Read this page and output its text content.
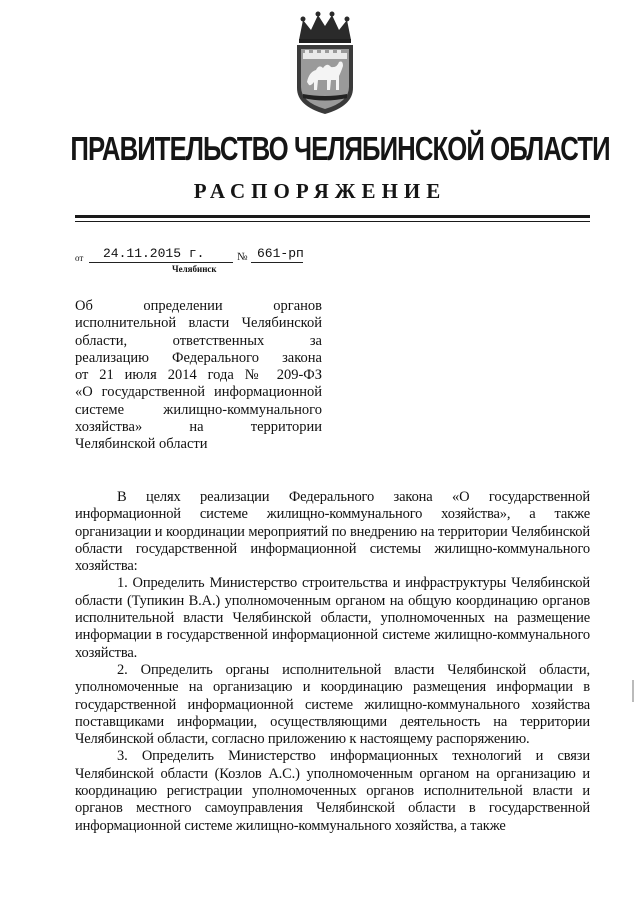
ПРАВИТЕЛЬСТВО ЧЕЛЯБИНСКОЙ ОБЛАСТИ
РАСПОРЯЖЕНИЕ
от 24.11.2015 г.	№ 661-рп
Челябинск

Об определении органов

исполнительной власти Челябинской

области, ответственных за

реализацию Федерального закона

от 21 июля 2014 года № 209-ФЗ

«О государственной информационной

системе жилищно-коммунального

хозяйства» на территории

Челябинской области

В целях реализации Федерального закона «О государственной информационной системе жилищно-коммунального хозяйства», а также организации и координации мероприятий по внедрению на территории Челябинской области государственной информационной системы жилищно-коммунального хозяйства:

1. Определить Министерство строительства и инфраструктуры Челябинской области (Тупикин В.А.) уполномоченным органом на общую координацию органов исполнительной власти Челябинской области, уполномоченных на размещение информации в государственной информационной системе жилищно-коммунального хозяйства.

2. Определить органы исполнительной власти Челябинской области, уполномоченные на организацию и координацию размещения информации в государственной информационной системе жилищно-коммунального хозяйства поставщиками информации, осуществляющими деятельность на территории Челябинской области, согласно приложению к настоящему распоряжению.

3. Определить Министерство информационных технологий и связи Челябинской области (Козлов А.С.) уполномоченным органом на организацию и координацию регистрации уполномоченных органов исполнительной власти и органов местного самоуправления Челябинской области в государственной информационной системе жилищно-коммунального хозяйства, а также
